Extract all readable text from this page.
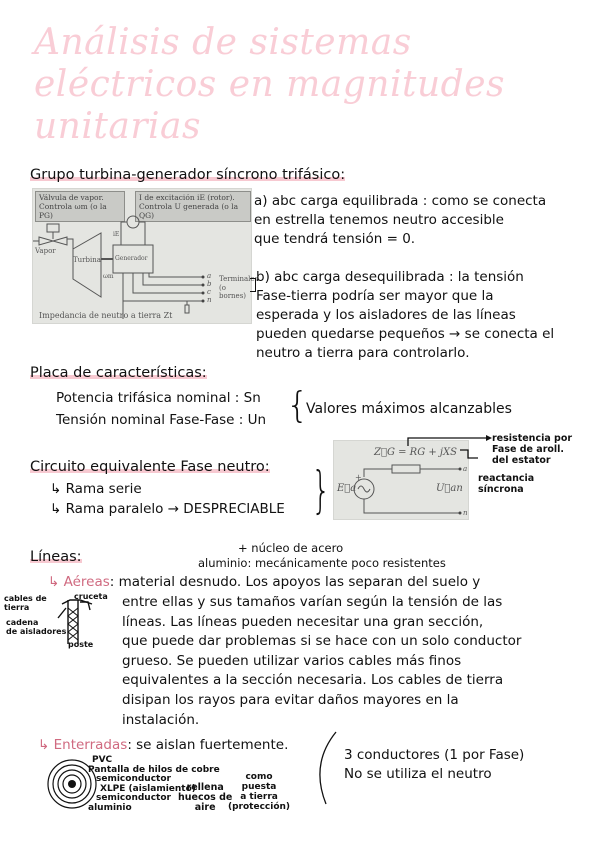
Análisis de sistemas eléctricos en magnitudes unitarias
Grupo turbina-generador síncrono trifásico:
Válvula de vapor.
Controla ωm (o la PG)
I de excitación iE (rotor).
Controla U generada (o la QG)
Vapor
Turbina Generador
ωm
iE
a
b
c
n
Terminales
(o bornes)
Impedancia de neutro a tierra Zt
a) abc carga equilibrada : como se conecta
en estrella tenemos neutro accesible
que tendrá tensión = 0.
b) abc carga desequilibrada : la tensión
Fase-tierra podría ser mayor que la
esperada y los aisladores de las líneas
pueden quedarse pequeños → se conecta el
neutro a tierra para controlarlo.
Placa de características:
Potencia trifásica nominal : Sn
Tensión nominal Fase-Fase : Un {
Valores máximos alcanzables
Circuito equivalente Fase neutro:
↳ Rama serie
↳ Rama paralelo → DESPRECIABLE {
Z⃗G = RG + jXS
E⃗a
+
U⃗an
a
n
resistencia por
Fase de aroll.
del estator
reactancia
síncrona
Líneas:
+ núcleo de acero
aluminio: mecánicamente poco resistentes
↳ Aéreas: material desnudo. Los apoyos las separan del suelo y
entre ellas y sus tamaños varían según la tensión de las
líneas. Las líneas pueden necesitar una gran sección,
que puede dar problemas si se hace con un solo conductor
grueso. Se pueden utilizar varios cables más finos
equivalentes a la sección necesaria. Los cables de tierra
disipan los rayos para evitar daños mayores en la
instalación.
cables de
tierra
cruceta
cadena
de aisladores
poste
↳ Enterradas: se aislan fuertemente.
PVC
Pantalla de hilos de cobre
semiconductor
XLPE (aislamiento)
semiconductor
aluminio
rellena
huecos de
aire
como
puesta
a tierra
(protección)
3 conductores (1 por Fase)
No se utiliza el neutro
